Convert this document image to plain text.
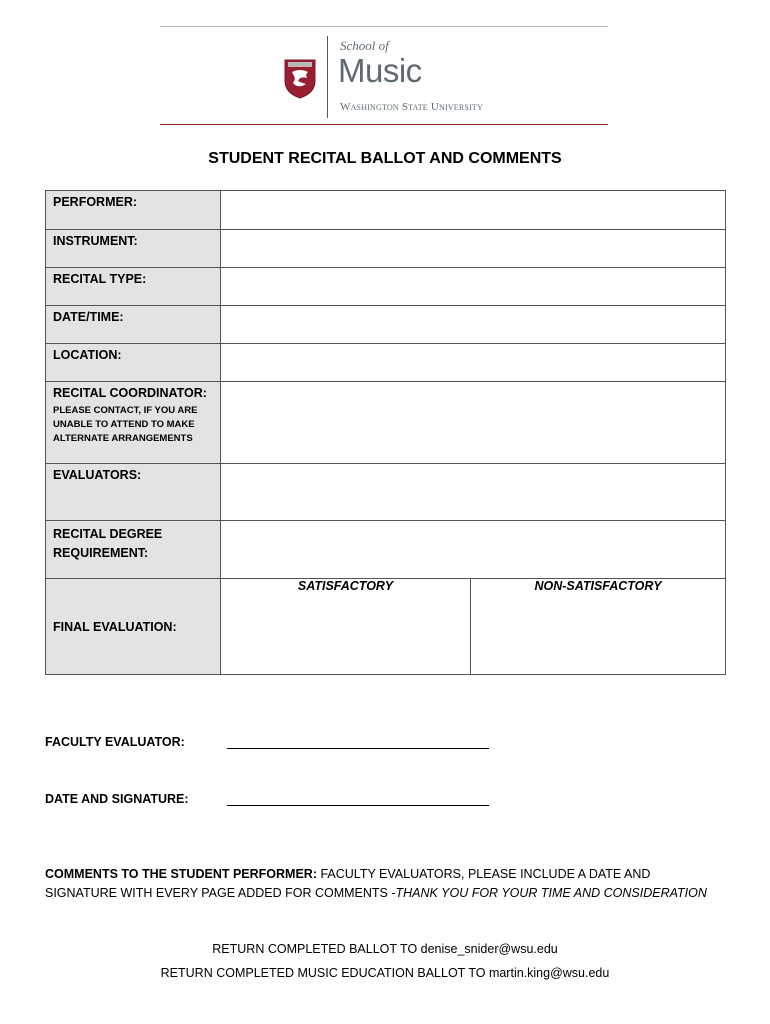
School of
Music
Washington State University
STUDENT RECITAL BALLOT AND COMMENTS
PERFORMER:		
INSTRUMENT:		
RECITAL TYPE:		
DATE/TIME:		
LOCATION:		

RECITAL COORDINATOR:
PLEASE CONTACT, IF YOU ARE
UNABLE TO ATTEND TO MAKE
ALTERNATE ARRANGEMENTS		

EVALUATORS:		

RECITAL DEGREE
REQUIREMENT:		

FINAL EVALUATION:	SATISFACTORY	NON-SATISFACTORY
FACULTY EVALUATOR:
DATE AND SIGNATURE:
COMMENTS TO THE STUDENT PERFORMER: FACULTY EVALUATORS, PLEASE INCLUDE A DATE AND SIGNATURE WITH EVERY PAGE ADDED FOR COMMENTS -THANK YOU FOR YOUR TIME AND CONSIDERATION
RETURN COMPLETED BALLOT TO denise_snider@wsu.edu
RETURN COMPLETED MUSIC EDUCATION BALLOT TO martin.king@wsu.edu
